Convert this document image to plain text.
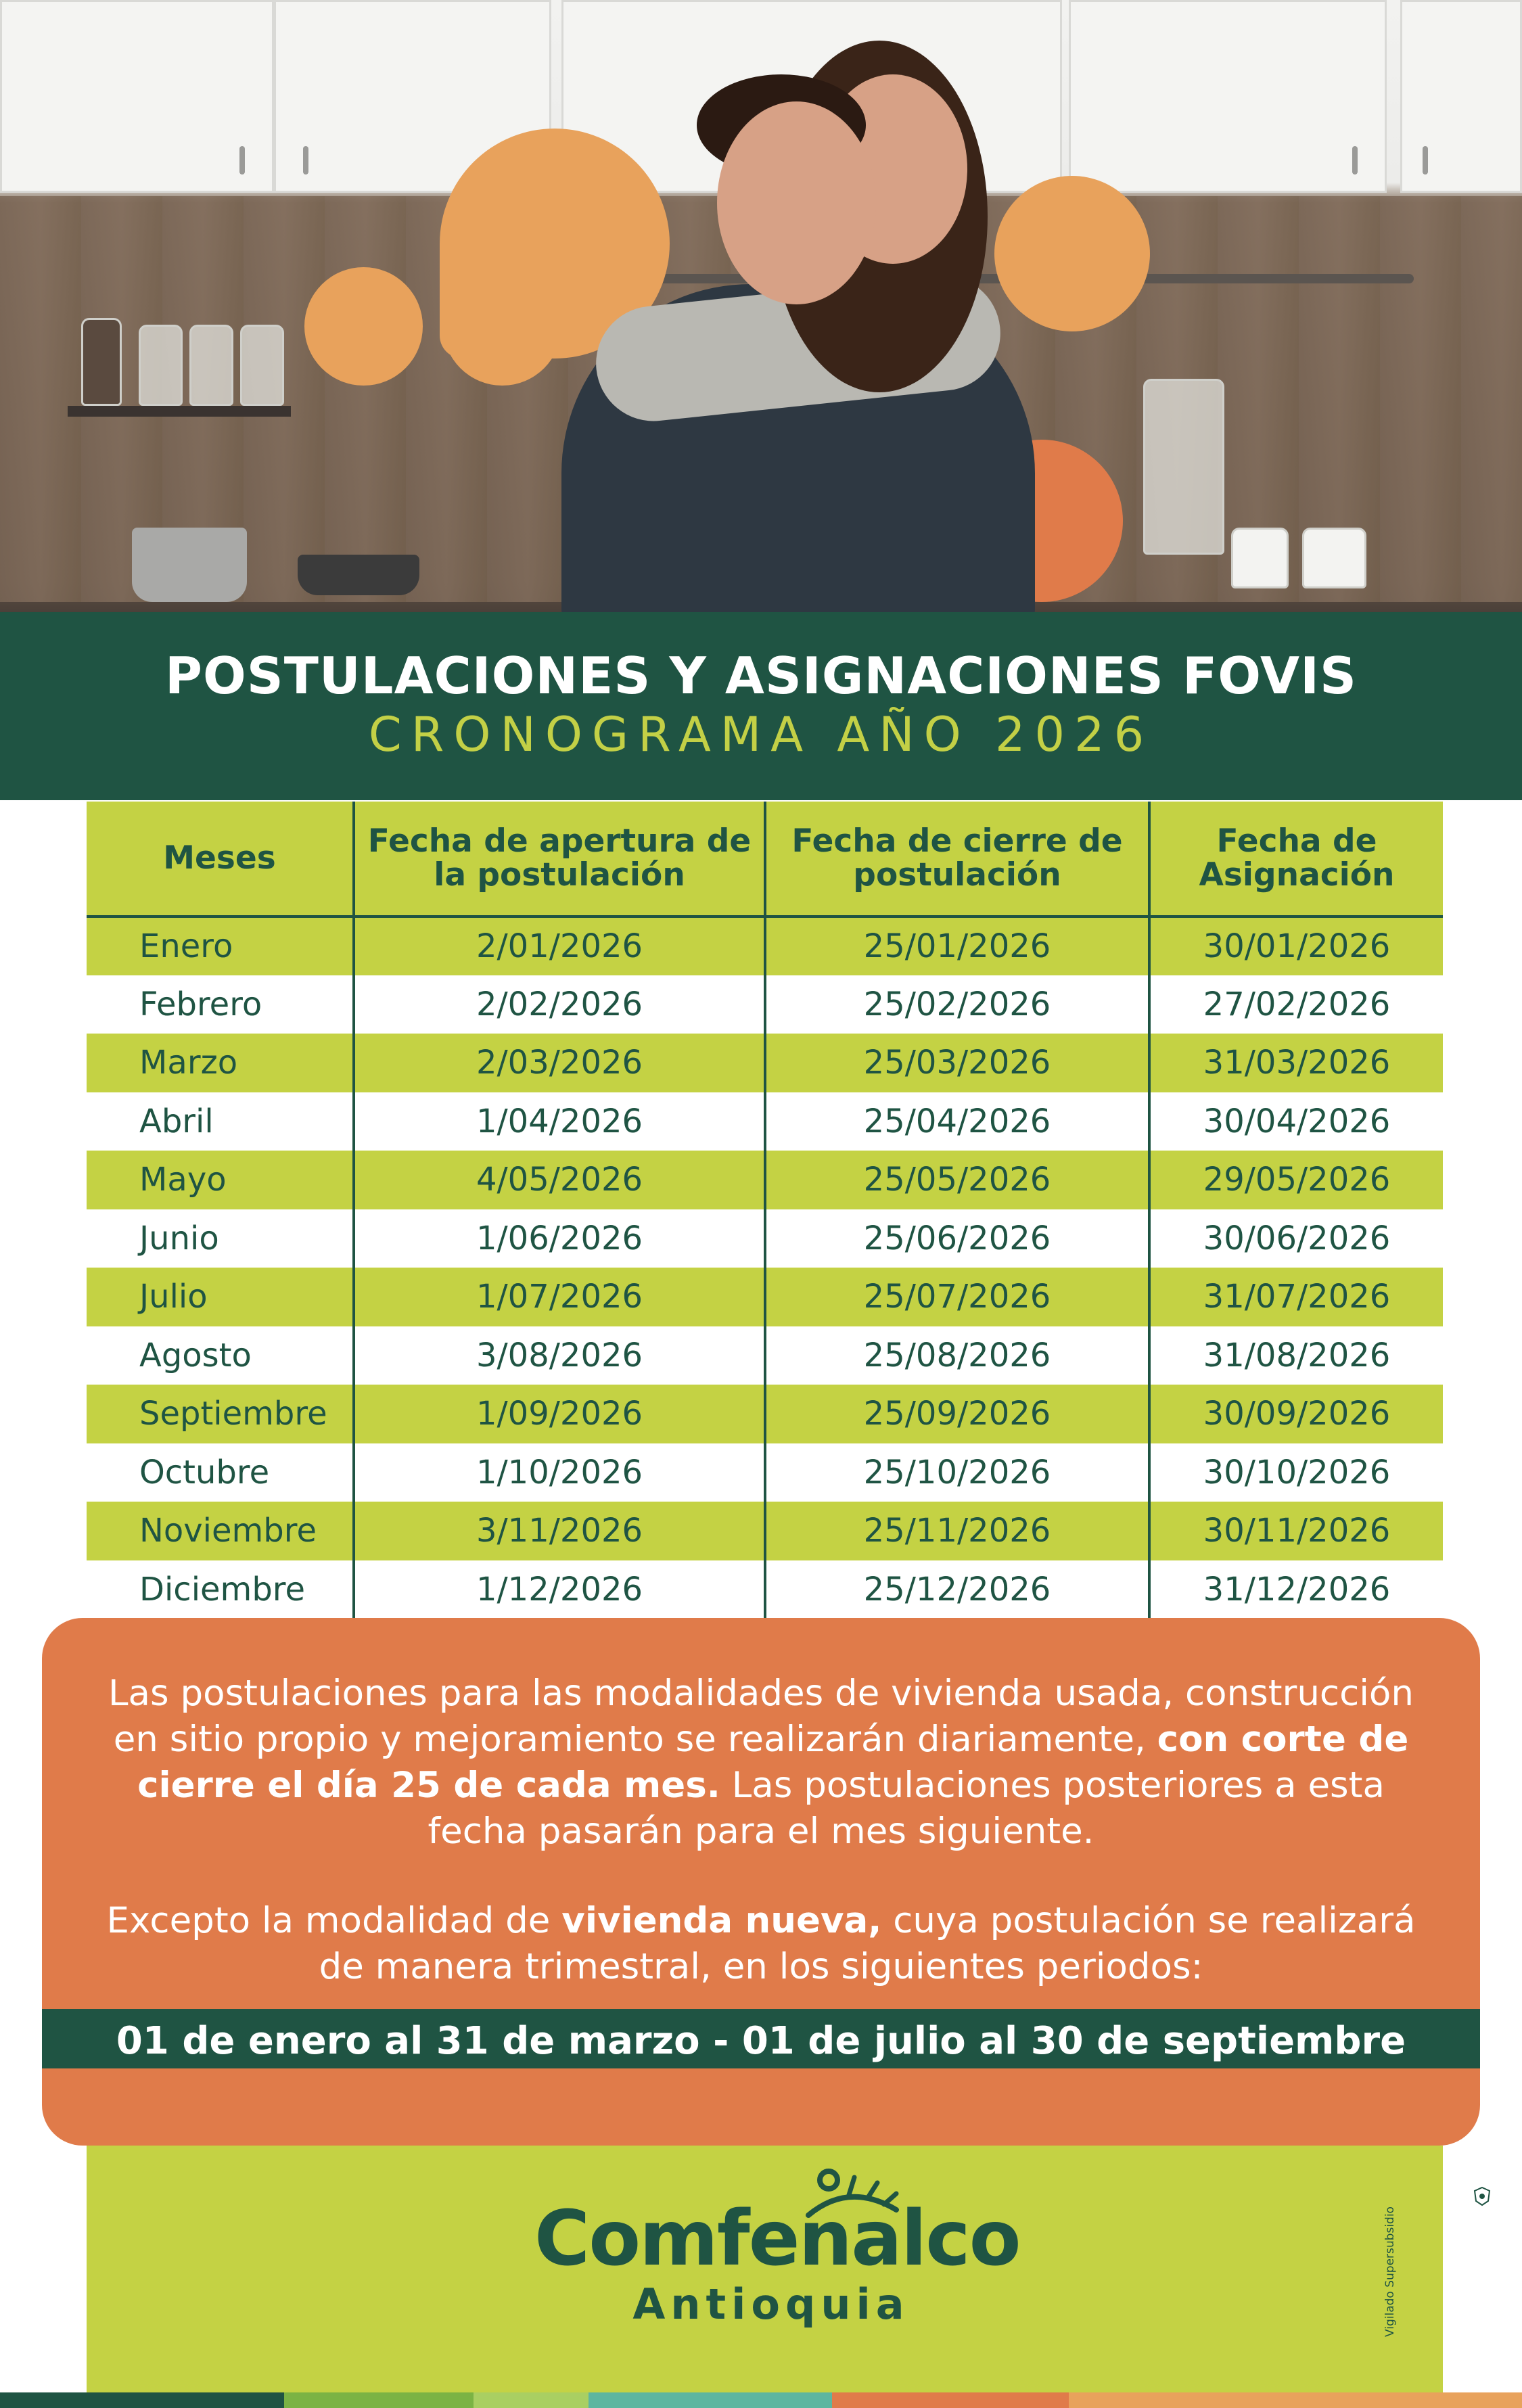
POSTULACIONES Y ASIGNACIONES FOVIS
CRONOGRAMA AÑO 2026
Meses	Fecha de apertura de la postulación	Fecha de cierre de postulación	Fecha de Asignación
Enero	2/01/2026	25/01/2026	30/01/2026
Febrero	2/02/2026	25/02/2026	27/02/2026
Marzo	2/03/2026	25/03/2026	31/03/2026
Abril	1/04/2026	25/04/2026	30/04/2026
Mayo	4/05/2026	25/05/2026	29/05/2026
Junio	1/06/2026	25/06/2026	30/06/2026
Julio	1/07/2026	25/07/2026	31/07/2026
Agosto	3/08/2026	25/08/2026	31/08/2026
Septiembre	1/09/2026	25/09/2026	30/09/2026
Octubre	1/10/2026	25/10/2026	30/10/2026
Noviembre	3/11/2026	25/11/2026	30/11/2026
Diciembre	1/12/2026	25/12/2026	31/12/2026

Las postulaciones para las modalidades de vivienda usada, construcción en sitio propio y mejoramiento se realizarán diariamente, con corte de cierre el día 25 de cada mes. Las postulaciones posteriores a esta fecha pasarán para el mes siguiente.

Excepto la modalidad de vivienda nueva, cuya postulación se realizará de manera trimestral, en los siguientes periodos:

01 de enero al 31 de marzo - 01 de julio al 30 de septiembre
Comfenalco
Antioquia	Vigilado Supersubsidio
